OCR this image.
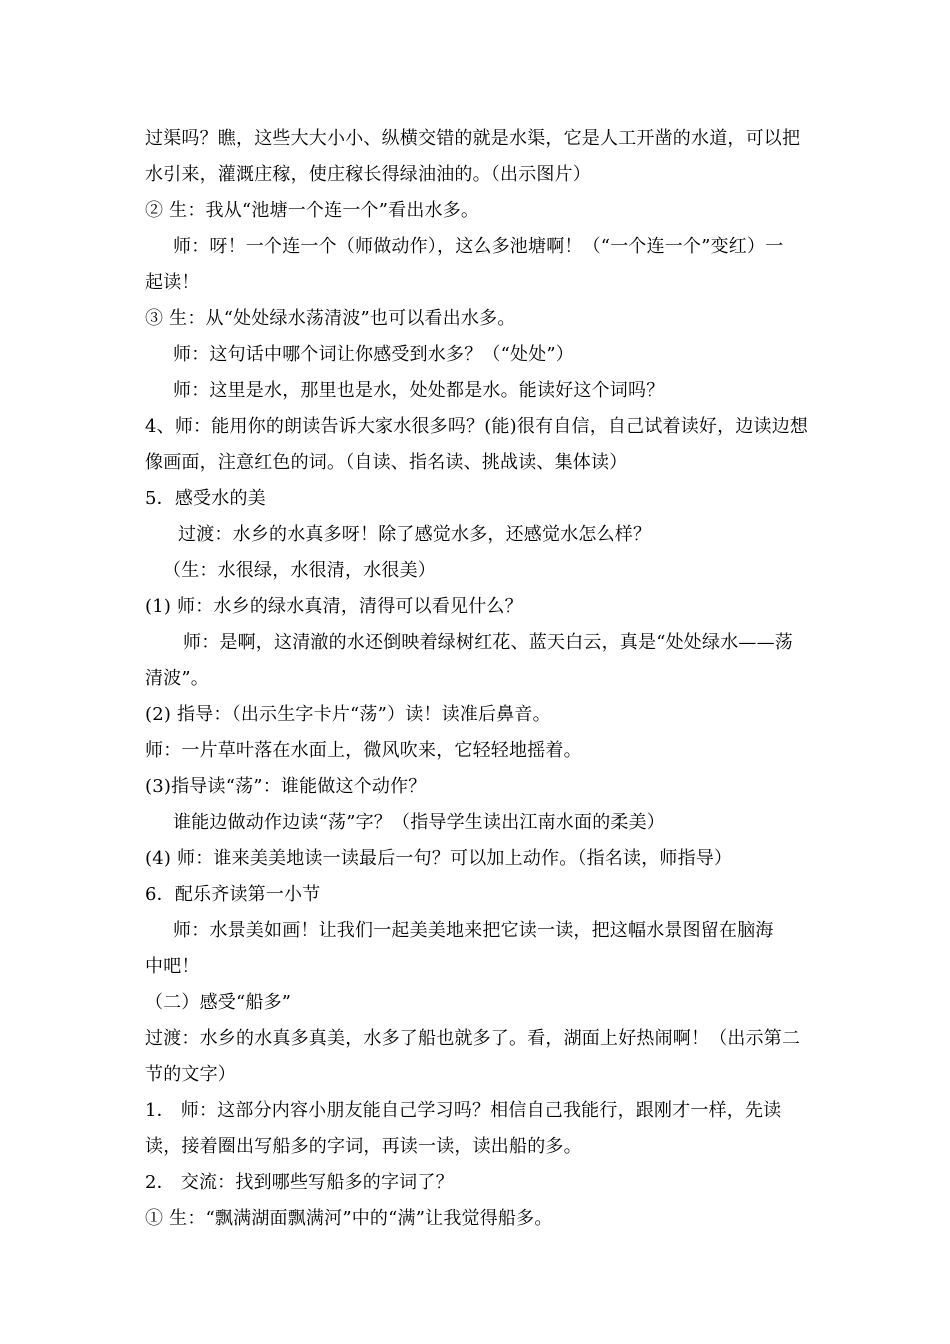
过渠吗？瞧，这些大大小小、纵横交错的就是水渠，它是人工开凿的水道，可以把
水引来，灌溉庄稼，使庄稼长得绿油油的。（出示图片）
② 生：我从“池塘一个连一个”看出水多。
师：呀！一个连一个（师做动作），这么多池塘啊！（“一个连一个”变红）一
起读！
③ 生：从“处处绿水荡清波”也可以看出水多。
师：这句话中哪个词让你感受到水多？（“处处”）
师：这里是水，那里也是水，处处都是水。能读好这个词吗？
4、师：能用你的朗读告诉大家水很多吗？(能)很有自信，自己试着读好，边读边想
像画面，注意红色的词。（自读、指名读、挑战读、集体读）
5．感受水的美
过渡：水乡的水真多呀！除了感觉水多，还感觉水怎么样？
（生：水很绿，水很清，水很美）
(1) 师：水乡的绿水真清，清得可以看见什么？
师：是啊，这清澈的水还倒映着绿树红花、蓝天白云，真是“处处绿水——荡
清波”。
(2) 指导：（出示生字卡片“荡”）读！读准后鼻音。
师：一片草叶落在水面上，微风吹来，它轻轻地摇着。
(3)指导读“荡”：谁能做这个动作？
谁能边做动作边读“荡”字？（指导学生读出江南水面的柔美）
(4) 师：谁来美美地读一读最后一句？可以加上动作。（指名读，师指导）
6．配乐齐读第一小节
师：水景美如画！让我们一起美美地来把它读一读，把这幅水景图留在脑海
中吧！
（二）感受“船多”
过渡：水乡的水真多真美，水多了船也就多了。看，湖面上好热闹啊！（出示第二
节的文字）
1． 师：这部分内容小朋友能自己学习吗？相信自己我能行，跟刚才一样，先读
读，接着圈出写船多的字词，再读一读，读出船的多。
2． 交流：找到哪些写船多的字词了？
① 生：“飘满湖面飘满河”中的“满”让我觉得船多。
